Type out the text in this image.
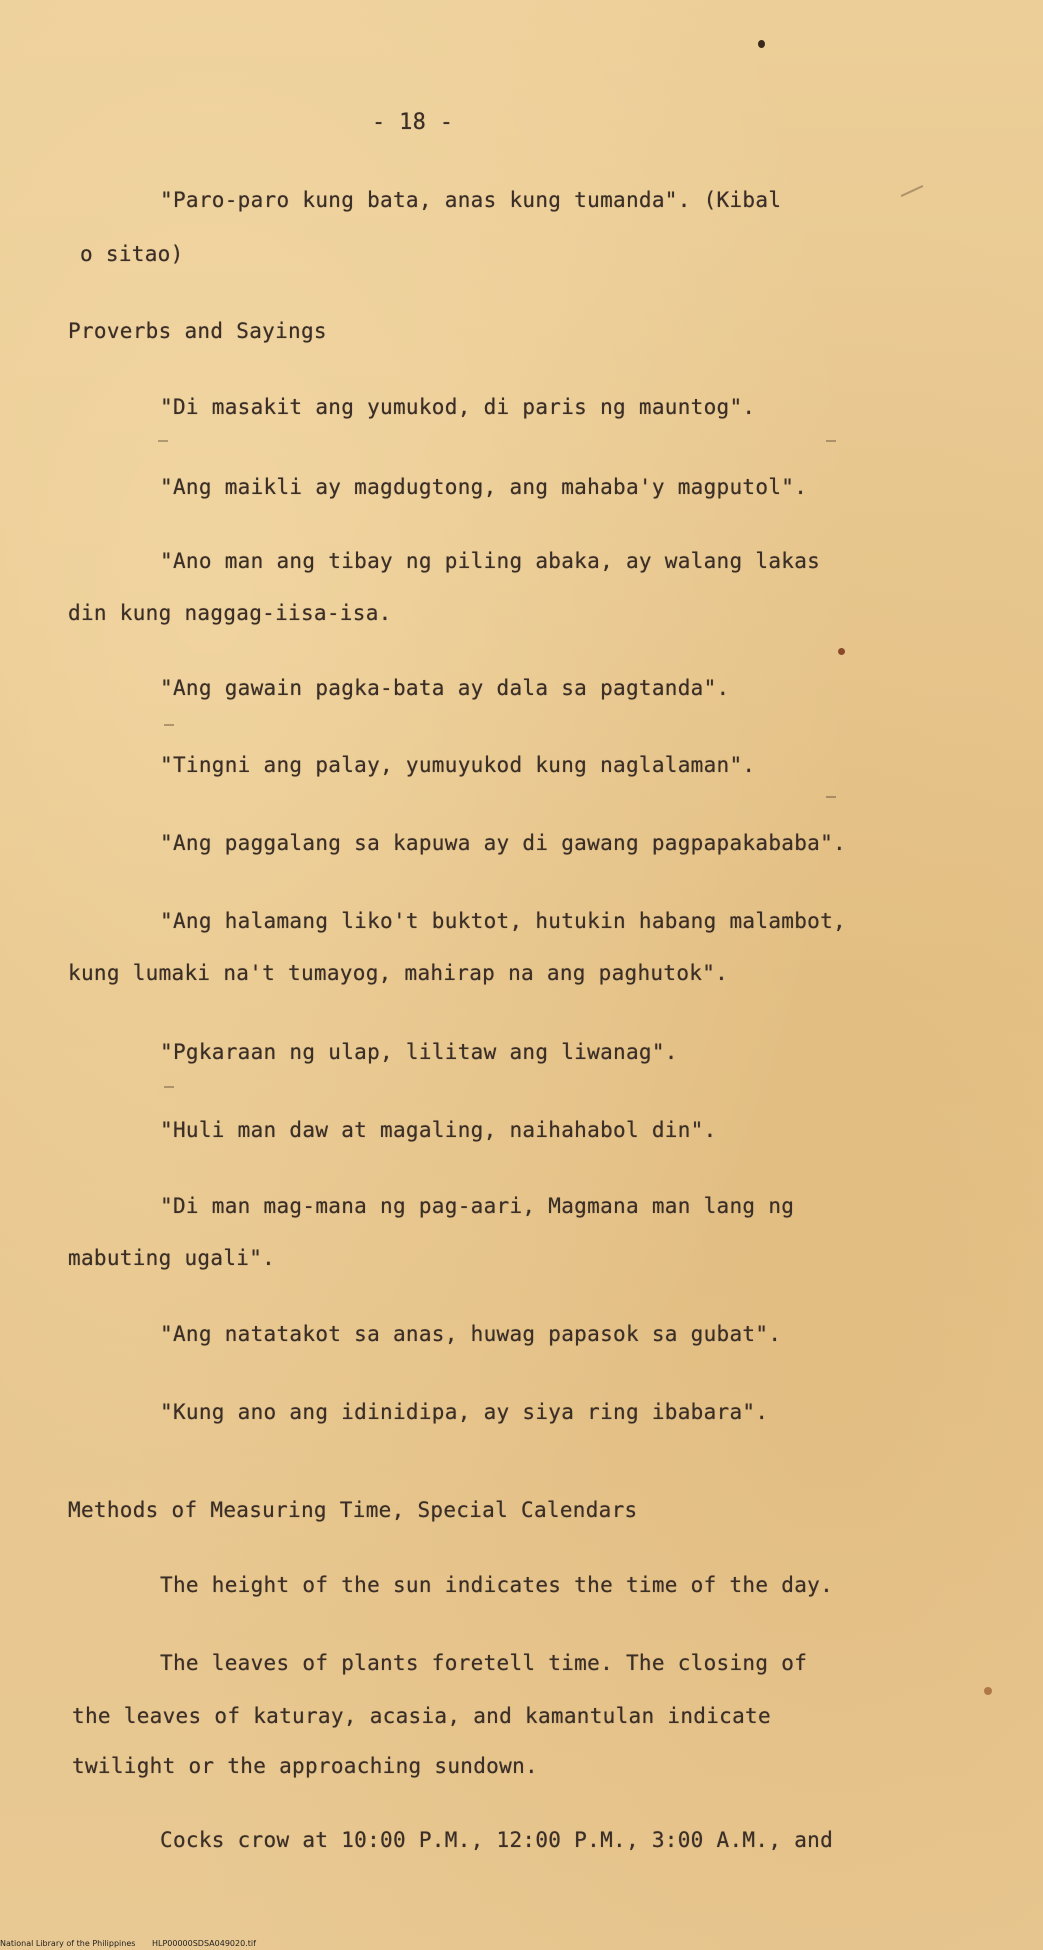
- 18 -
"Paro-paro kung bata, anas kung tumanda". (Kibal
o sitao)
Proverbs and Sayings
"Di masakit ang yumukod, di paris ng mauntog".
"Ang maikli ay magdugtong, ang mahaba'y magputol".
"Ano man ang tibay ng piling abaka, ay walang lakas
din kung naggag-iisa-isa.
"Ang gawain pagka-bata ay dala sa pagtanda".
"Tingni ang palay, yumuyukod kung naglalaman".
"Ang paggalang sa kapuwa ay di gawang pagpapakababa".
"Ang halamang liko't buktot, hutukin habang malambot,
kung lumaki na't tumayog, mahirap na ang paghutok".
"Pgkaraan ng ulap, lilitaw ang liwanag".
"Huli man daw at magaling, naihahabol din".
"Di man mag-mana ng pag-aari, Magmana man lang ng
mabuting ugali".
"Ang natatakot sa anas, huwag papasok sa gubat".
"Kung ano ang idinidipa, ay siya ring ibabara".
Methods of Measuring Time, Special Calendars
The height of the sun indicates the time of the day.
The leaves of plants foretell time. The closing of
the leaves of katuray, acasia, and kamantulan indicate
twilight or the approaching sundown.
Cocks crow at 10:00 P.M., 12:00 P.M., 3:00 A.M., and
National Library of the Philippines HLP00000SDSA049020.tif
